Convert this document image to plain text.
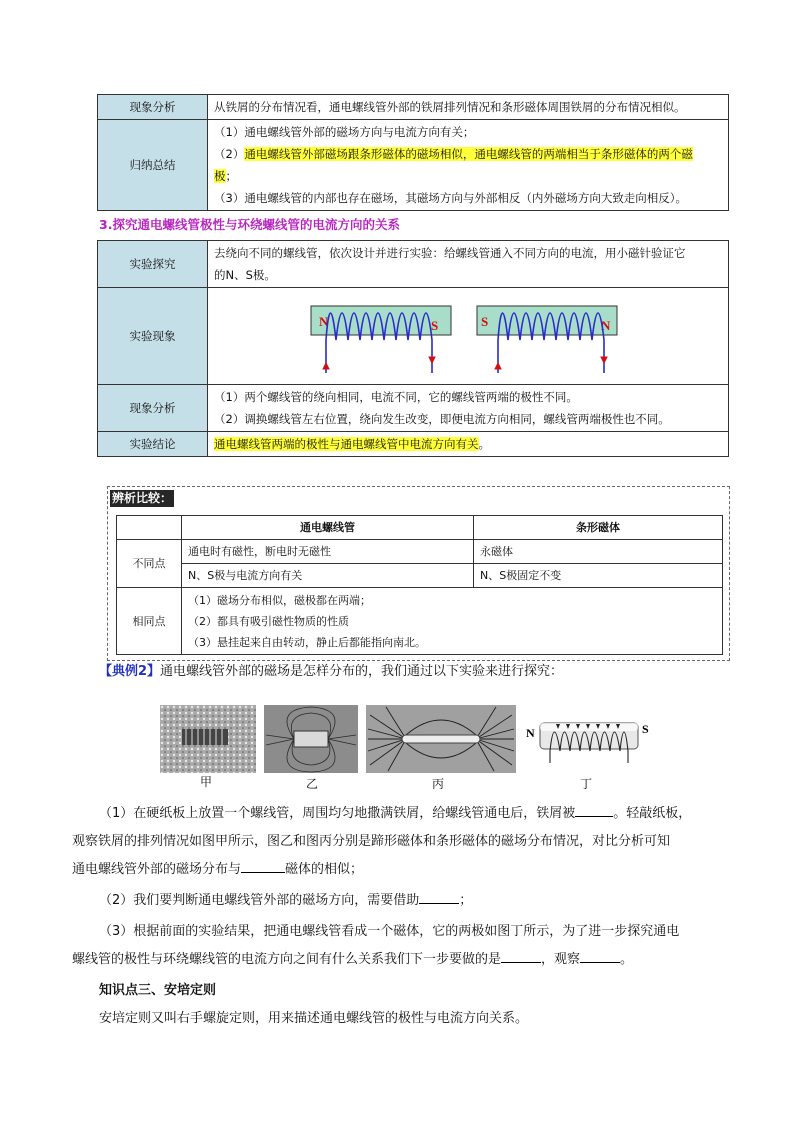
现象分析	从铁屑的分布情况看，通电螺线管外部的铁屑排列情况和条形磁体周围铁屑的分布情况相似。
归纳总结	（1）通电螺线管外部的磁场方向与电流方向有关；
（2）通电螺线管外部磁场跟条形磁体的磁场相似，通电螺线管的两端相当于条形磁体的两个磁
极；
（3）通电螺线管的内部也存在磁场，其磁场方向与外部相反（内外磁场方向大致走向相反）。
3.探究通电螺线管极性与环绕螺线管的电流方向的关系
实验探究	去绕向不同的螺线管，依次设计并进行实验：给螺线管通入不同方向的电流，用小磁针验证它
的N、S极。

实验现象	N S S N

现象分析	（1）两个螺线管的绕向相同，电流不同，它的螺线管两端的极性不同。
（2）调换螺线管左右位置，绕向发生改变，即便电流方向相同，螺线管两端极性也不同。

实验结论	通电螺线管两端的极性与通电螺线管中电流方向有关。
辨析比较：
	通电螺线管	条形磁体
不同点	通电时有磁性，断电时无磁性	永磁体
	N、S极与电流方向有关	N、S极固定不变
相同点	（1）磁场分布相似，磁极都在两端；
（2）都具有吸引磁性物质的性质
（3）悬挂起来自由转动，静止后都能指向南北。	
【典例2】通电螺线管外部的磁场是怎样分布的，我们通过以下实验来进行探究：
N	S
甲	乙	丙	丁
（1）在硬纸板上放置一个螺线管，周围均匀地撒满铁屑，给螺线管通电后，铁屑被	。轻敲纸板，
观察铁屑的排列情况如图甲所示，图乙和图丙分别是蹄形磁体和条形磁体的磁场分布情况，对比分析可知
通电螺线管外部的磁场分布与	磁体的相似；
（2）我们要判断通电螺线管外部的磁场方向，需要借助	；
（3）根据前面的实验结果，把通电螺线管看成一个磁体，它的两极如图丁所示，为了进一步探究通电
螺线管的极性与环绕螺线管的电流方向之间有什么关系我们下一步要做的是	，观察	。
知识点三、安培定则
安培定则又叫右手螺旋定则，用来描述通电螺线管的极性与电流方向关系。
